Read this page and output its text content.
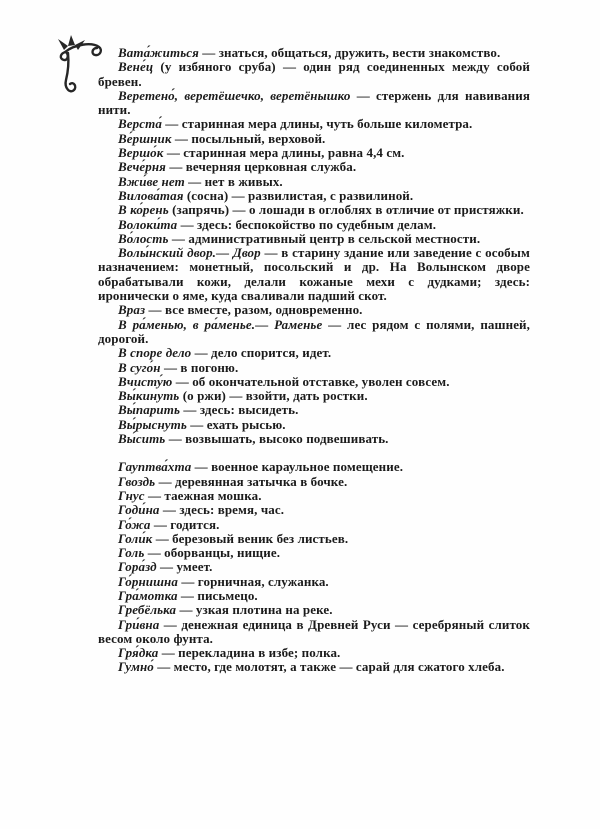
Вата́житься — знаться, общаться, дружить, вести знакомство.

Вене́ц (у избяного сруба) — один ряд соединенных между собой бревен.

Веретено́, веретёшечко, веретёнышко — стержень для навивания нити.

Верста́ — старинная мера длины, чуть больше километра.

Ве́ршник — посыльный, верховой.

Вершо́к — старинная мера длины, равна 4,4 см.

Вече́рня — вечерняя церковная служба.

Вжи́ве нет — нет в живых.

Вилова́тая (сосна) — развилистая, с развилиной.

В ко́рень (запрячь) — о лошади в оглоблях в отличие от пристяжки.

Волоки́та — здесь: беспокойство по судебным делам.

Во́лость — административный центр в сельской местности.

Волы́нский двор.— Двор — в старину здание или заведение с особым назначением: монетный, посольский и др. На Волынском дворе обрабатывали кожи, делали кожаные мехи с дудками; здесь: иронически о яме, куда сваливали падший скот.

Враз — все вместе, разом, одновременно.

В ра́менью, в ра́менье.— Раменье — лес рядом с полями, пашней, дорогой.

В споре дело — дело спорится, идет.

В суго́н — в погоню.

Вчисту́ю — об окончательной отставке, уволен совсем.

Вы́кинуть (о ржи) — взойти, дать ростки.

Вы́парить — здесь: высидеть.

Вы́рыснуть — ехать рысью.

Вы́сить — возвышать, высоко подвешивать.

Гауптва́хта — военное караульное помещение.

Гвоздь — деревянная затычка в бочке.

Гнус — таежная мошка.

Годи́на — здесь: время, час.

Го́жа — годится.

Голи́к — березовый веник без листьев.

Голь — оборванцы, нищие.

Гора́зд — умеет.

Го́рнишна — горничная, служанка.

Гра́мотка — письмецо.

Гребёлька — узкая плотина на реке.

Гри́вна — денежная единица в Древней Руси — серебряный слиток весом около фунта.

Гря́дка — перекладина в избе; полка.

Гумно́ — место, где молотят, а также — сарай для сжатого хлеба.
